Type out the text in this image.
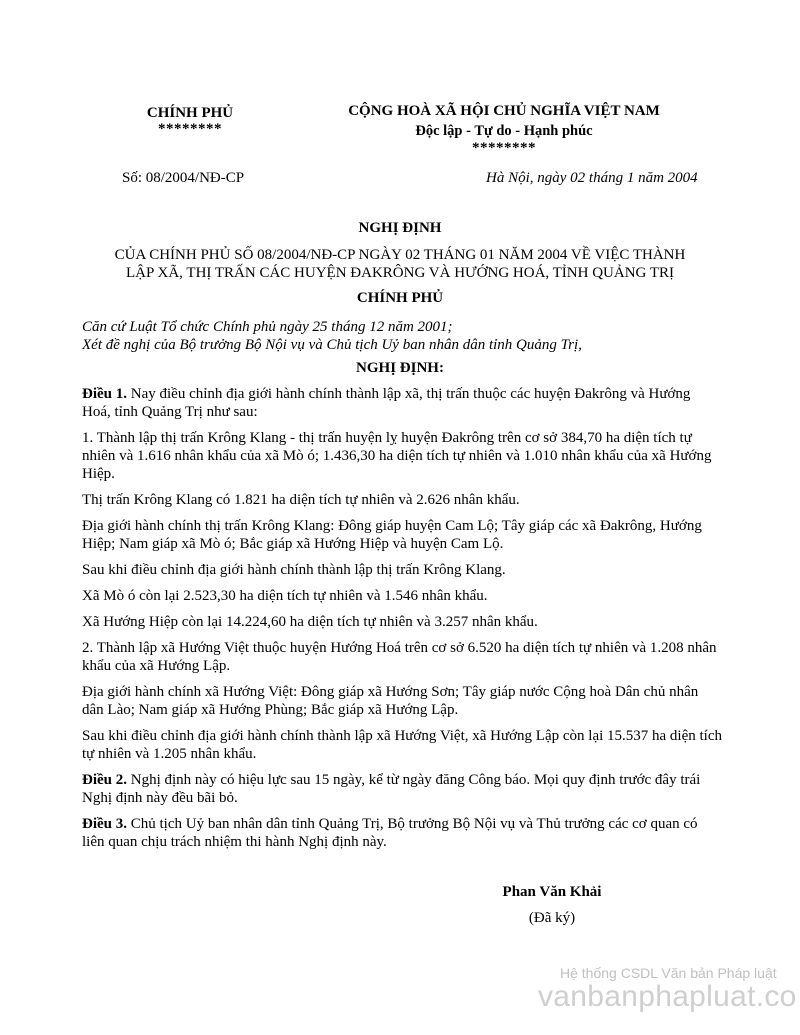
CHÍNH PHỦ
********
CỘNG HOÀ XÃ HỘI CHỦ NGHĨA VIỆT NAM
Độc lập - Tự do - Hạnh phúc
********
Số: 08/2004/NĐ-CP	Hà Nội, ngày 02 tháng 1 năm 2004
NGHỊ ĐỊNH
CỦA CHÍNH PHỦ SỐ 08/2004/NĐ-CP NGÀY 02 THÁNG 01 NĂM 2004 VỀ VIỆC THÀNH
LẬP XÃ, THỊ TRẤN CÁC HUYỆN ĐAKRÔNG VÀ HƯỚNG HOÁ, TỈNH QUẢNG TRỊ
CHÍNH PHỦ
Căn cứ Luật Tổ chức Chính phủ ngày 25 tháng 12 năm 2001;
Xét đề nghị của Bộ trưởng Bộ Nội vụ và Chủ tịch Uỷ ban nhân dân tỉnh Quảng Trị,
NGHỊ ĐỊNH:

Điều 1. Nay điều chỉnh địa giới hành chính thành lập xã, thị trấn thuộc các huyện Đakrông và Hướng Hoá, tỉnh Quảng Trị như sau:

1. Thành lập thị trấn Krông Klang - thị trấn huyện lỵ huyện Đakrông trên cơ sở 384,70 ha diện tích tự nhiên và 1.616 nhân khẩu của xã Mò ó; 1.436,30 ha diện tích tự nhiên và 1.010 nhân khẩu của xã Hướng Hiệp.

Thị trấn Krông Klang có 1.821 ha diện tích tự nhiên và 2.626 nhân khẩu.

Địa giới hành chính thị trấn Krông Klang: Đông giáp huyện Cam Lộ; Tây giáp các xã Đakrông, Hướng Hiệp; Nam giáp xã Mò ó; Bắc giáp xã Hướng Hiệp và huyện Cam Lộ.

Sau khi điều chỉnh địa giới hành chính thành lập thị trấn Krông Klang.

Xã Mò ó còn lại 2.523,30 ha diện tích tự nhiên và 1.546 nhân khẩu.

Xã Hướng Hiệp còn lại 14.224,60 ha diện tích tự nhiên và 3.257 nhân khẩu.

2. Thành lập xã Hướng Việt thuộc huyện Hướng Hoá trên cơ sở 6.520 ha diện tích tự nhiên và 1.208 nhân khẩu của xã Hướng Lập.

Địa giới hành chính xã Hướng Việt: Đông giáp xã Hướng Sơn; Tây giáp nước Cộng hoà Dân chủ nhân dân Lào; Nam giáp xã Hướng Phùng; Bắc giáp xã Hướng Lập.

Sau khi điều chỉnh địa giới hành chính thành lập xã Hướng Việt, xã Hướng Lập còn lại 15.537 ha diện tích tự nhiên và 1.205 nhân khẩu.

Điều 2. Nghị định này có hiệu lực sau 15 ngày, kể từ ngày đăng Công báo. Mọi quy định trước đây trái Nghị định này đều bãi bỏ.

Điều 3. Chủ tịch Uỷ ban nhân dân tỉnh Quảng Trị, Bộ trưởng Bộ Nội vụ và Thủ trưởng các cơ quan có liên quan chịu trách nhiệm thi hành Nghị định này.

Phan Văn Khải
(Đã ký)
Hệ thống CSDL Văn bản Pháp luật
vanbanphapluat.co
